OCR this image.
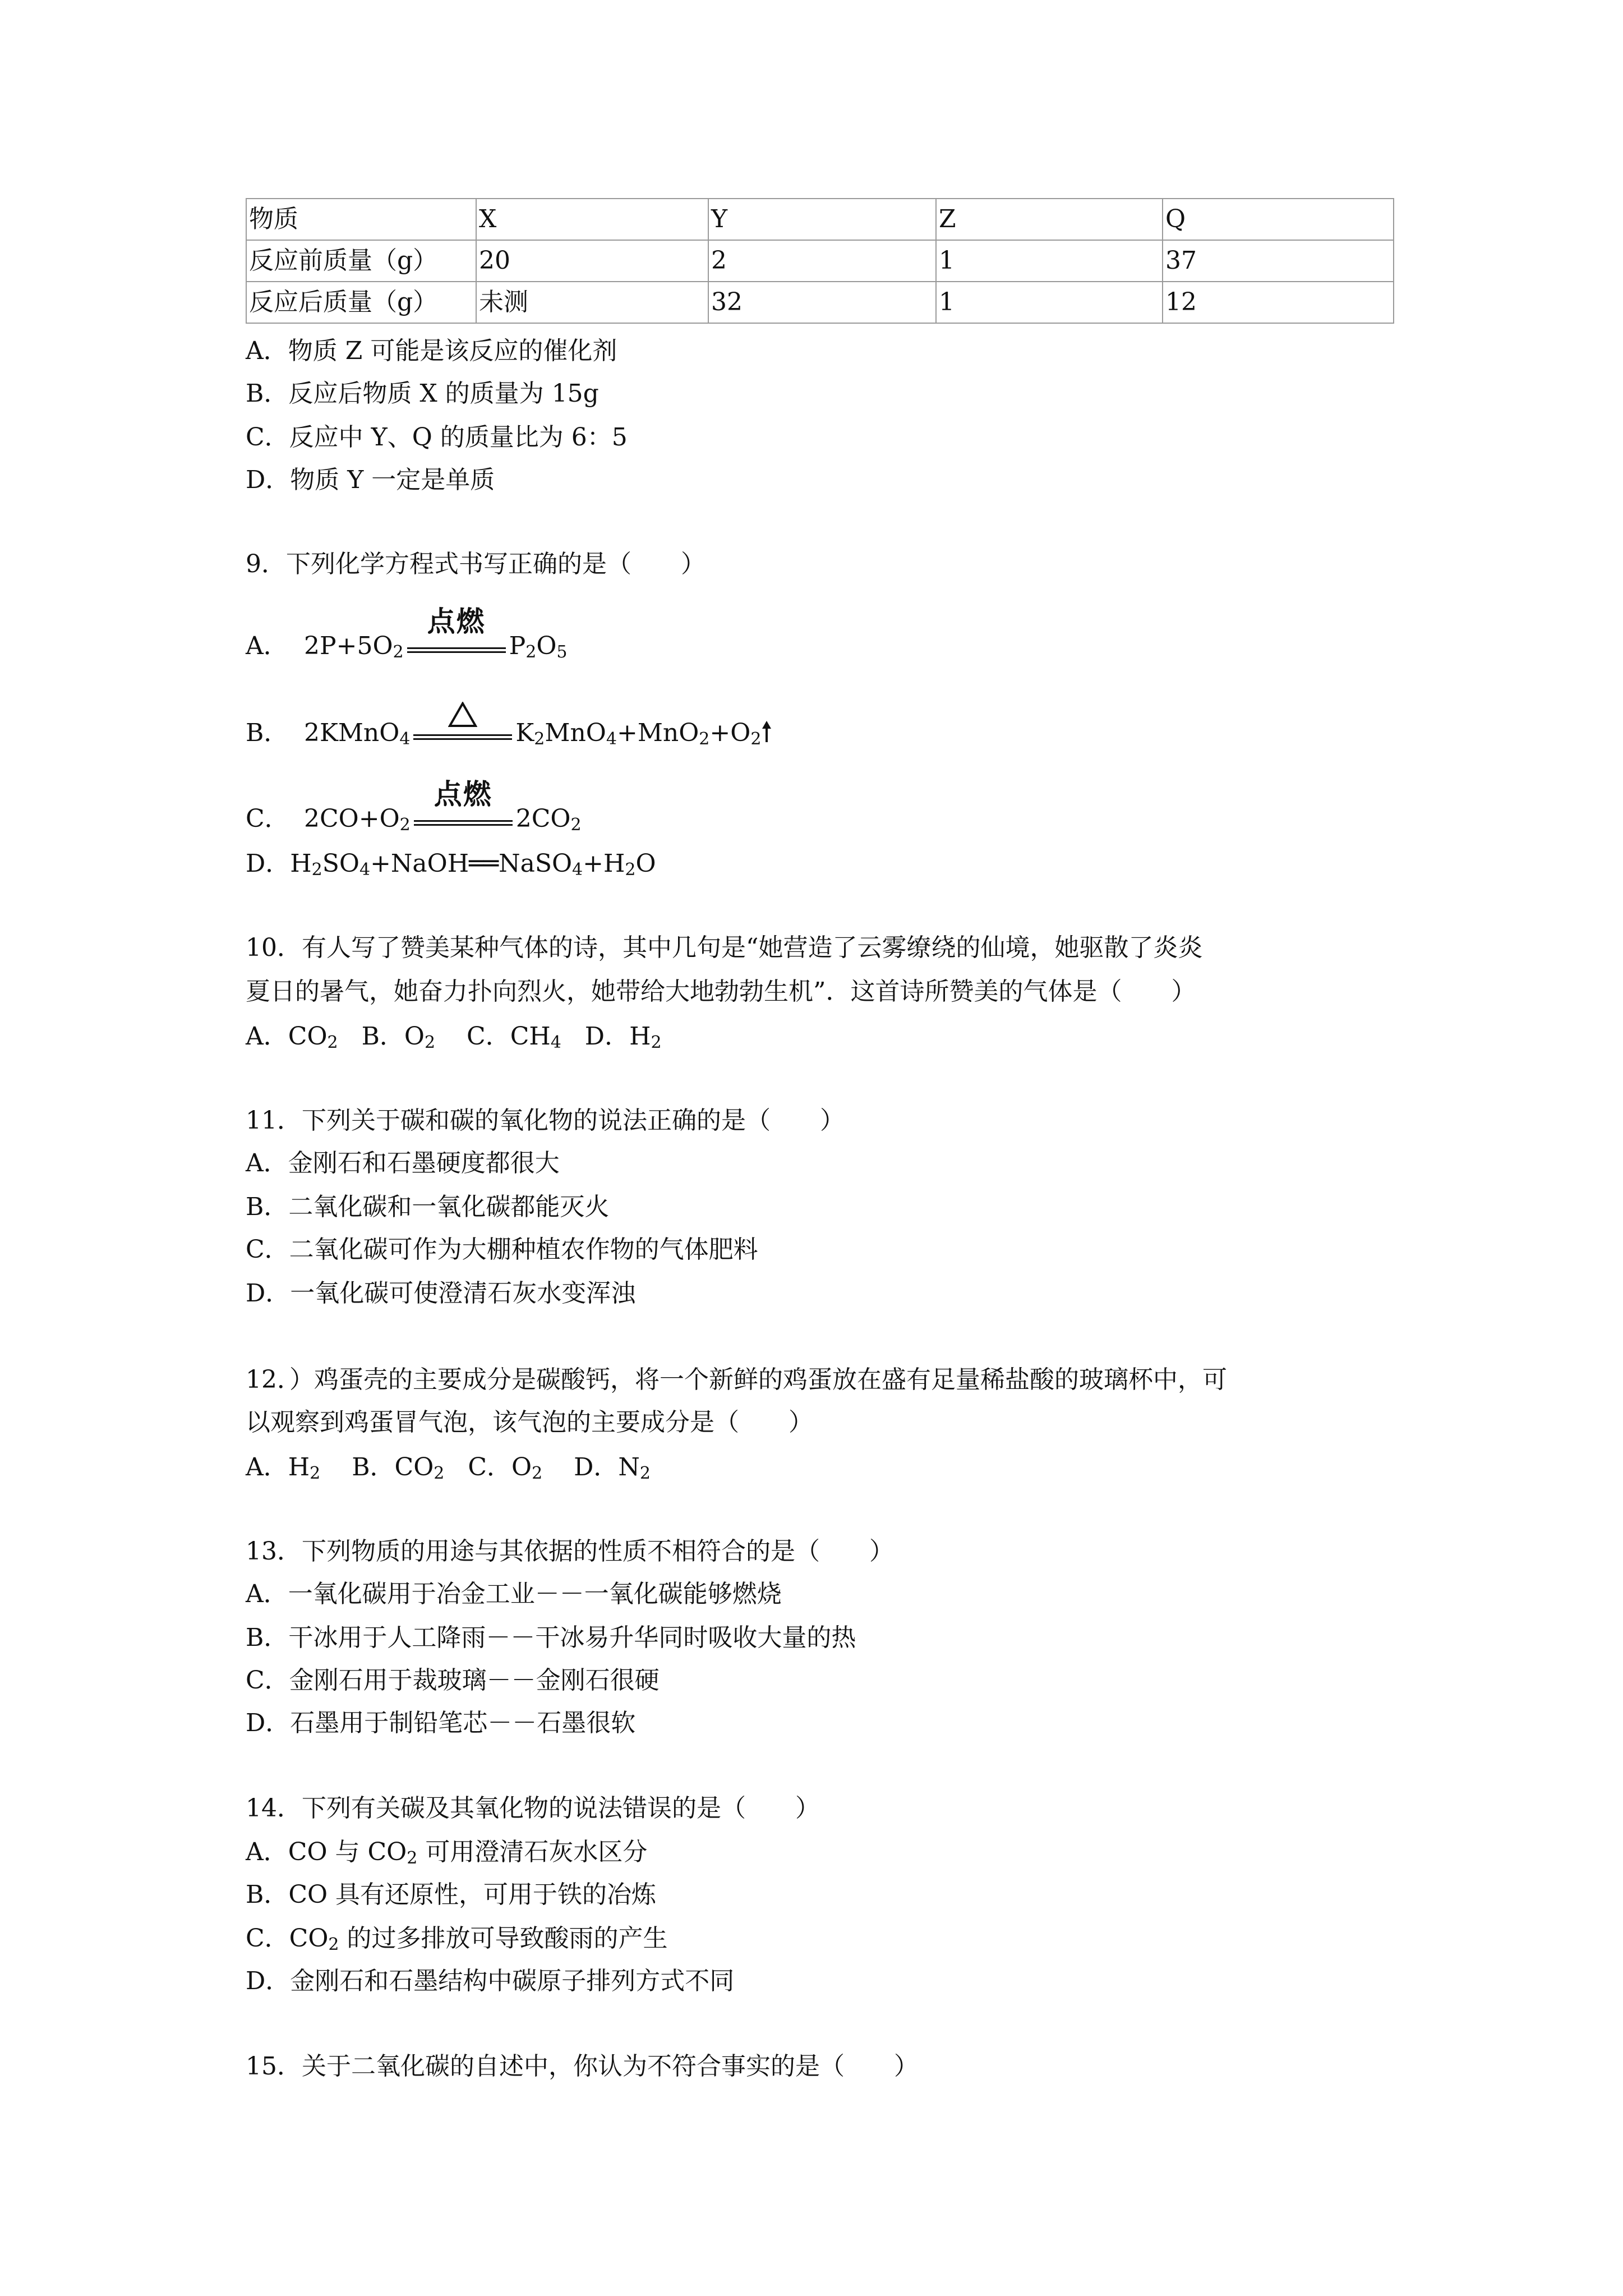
物质	X	Y	Z	Q
反应前质量（g）	20	2	1	37
反应后质量（g）	未测	32	1	12
A．物质 Z 可能是该反应的催化剂
B．反应后物质 X 的质量为 15g
C．反应中 Y、Q 的质量比为 6：5
D．物质 Y 一定是单质
9．下列化学方程式书写正确的是（　　）
A． $2P+5O_2$
点燃
$P_2O_5$
B． 2KMnO$_4$	$K_2MnO_4+MnO_2+O_2$
C． $2CO+O_2$
点燃
$2CO_2$
D．$H_2SO_4+NaOH══NaSO_4+H_2O$
10．有人写了赞美某种气体的诗，其中几句是“她营造了云雾缭绕的仙境，她驱散了炎炎
夏日的暑气，她奋力扑向烈火，她带给大地勃勃生机”．这首诗所赞美的气体是（　　）
A．$CO_2$   B．$O_2$    C．$CH_4$   D．$H_2$
11．下列关于碳和碳的氧化物的说法正确的是（　　）
A．金刚石和石墨硬度都很大
B．二氧化碳和一氧化碳都能灭火
C．二氧化碳可作为大棚种植农作物的气体肥料
D．一氧化碳可使澄清石灰水变浑浊
12．）鸡蛋壳的主要成分是碳酸钙，将一个新鲜的鸡蛋放在盛有足量稀盐酸的玻璃杯中，可
以观察到鸡蛋冒气泡，该气泡的主要成分是（　　）
A．$H_2$    B．$CO_2$   C．$O_2$    D．$N_2$
13．下列物质的用途与其依据的性质不相符合的是（　　）
A．一氧化碳用于冶金工业－－一氧化碳能够燃烧
B．干冰用于人工降雨－－干冰易升华同时吸收大量的热
C．金刚石用于裁玻璃－－金刚石很硬
D．石墨用于制铅笔芯－－石墨很软
14．下列有关碳及其氧化物的说法错误的是（　　）
A．CO 与 $CO_2$ 可用澄清石灰水区分
B．CO 具有还原性，可用于铁的冶炼
C．$CO_2$ 的过多排放可导致酸雨的产生
D．金刚石和石墨结构中碳原子排列方式不同
15．关于二氧化碳的自述中，你认为不符合事实的是（　　）
